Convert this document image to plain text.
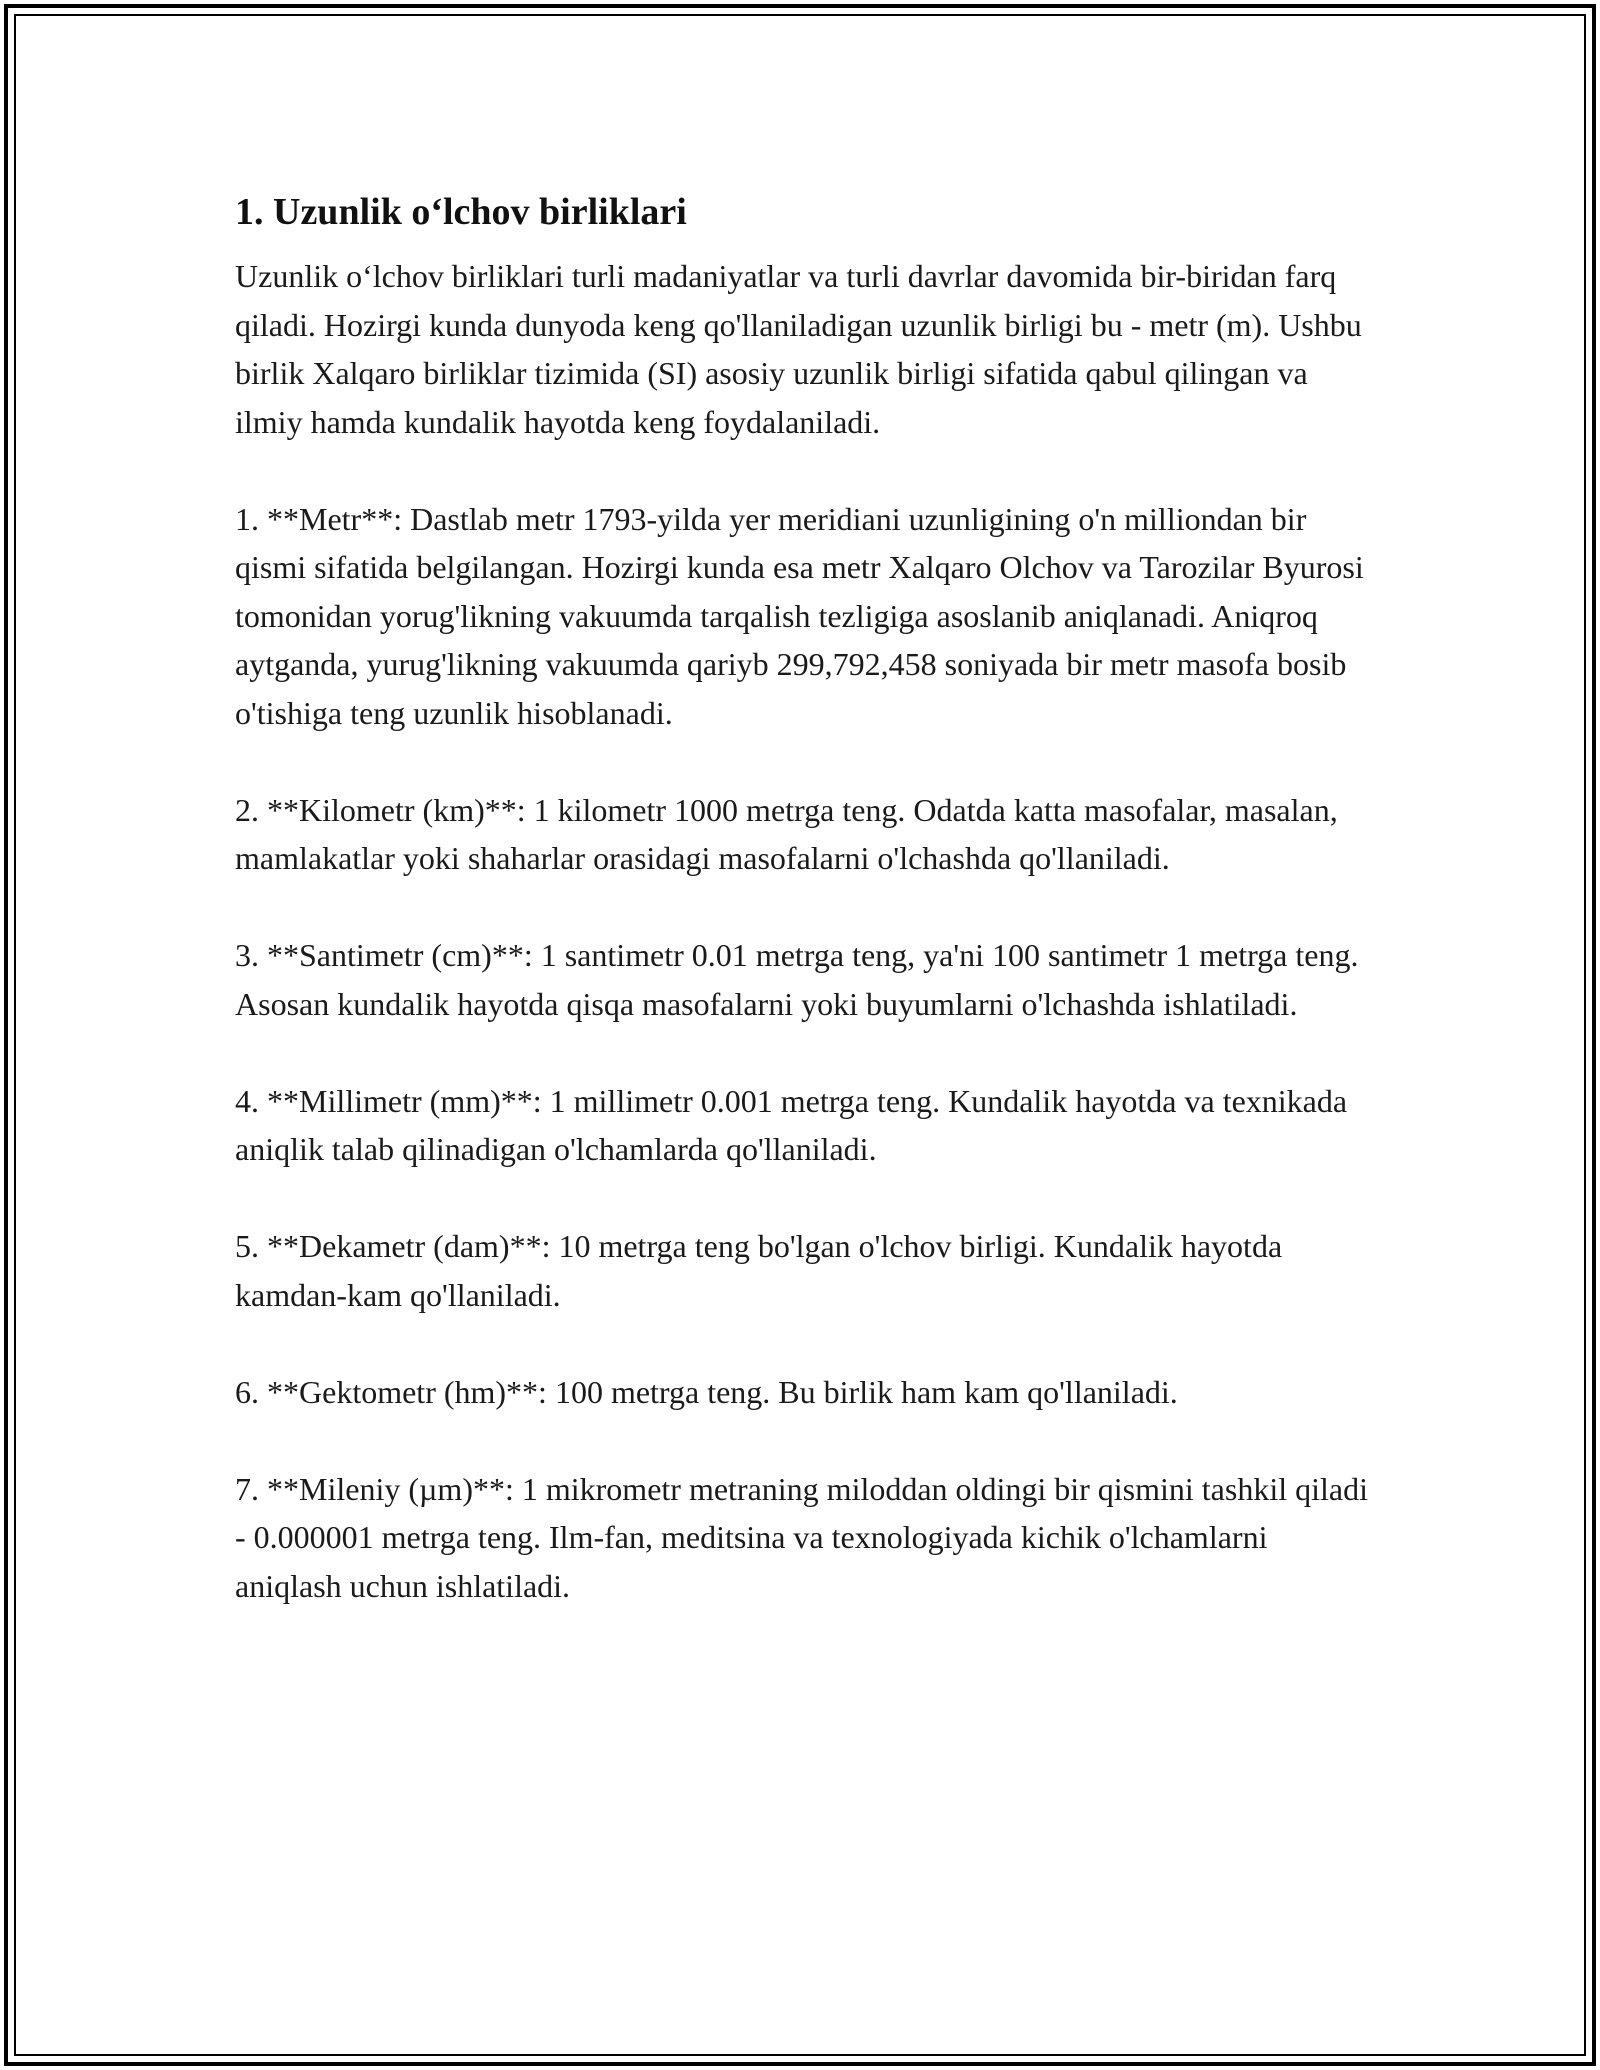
1. Uzunlik o‘lchov birliklari

Uzunlik o‘lchov birliklari turli madaniyatlar va turli davrlar davomida bir-biridan farq qiladi. Hozirgi kunda dunyoda keng qo'llaniladigan uzunlik birligi bu - metr (m). Ushbu birlik Xalqaro birliklar tizimida (SI) asosiy uzunlik birligi sifatida qabul qilingan va ilmiy hamda kundalik hayotda keng foydalaniladi.

1. **Metr**: Dastlab metr 1793-yilda yer meridiani uzunligining o'n milliondan bir qismi sifatida belgilangan. Hozirgi kunda esa metr Xalqaro Olchov va Tarozilar Byurosi tomonidan yorug'likning vakuumda tarqalish tezligiga asoslanib aniqlanadi. Aniqroq aytganda, yurug'likning vakuumda qariyb 299,792,458 soniyada bir metr masofa bosib o'tishiga teng uzunlik hisoblanadi.

2. **Kilometr (km)**: 1 kilometr 1000 metrga teng. Odatda katta masofalar, masalan, mamlakatlar yoki shaharlar orasidagi masofalarni o'lchashda qo'llaniladi.

3. **Santimetr (cm)**: 1 santimetr 0.01 metrga teng, ya'ni 100 santimetr 1 metrga teng. Asosan kundalik hayotda qisqa masofalarni yoki buyumlarni o'lchashda ishlatiladi.

4. **Millimetr (mm)**: 1 millimetr 0.001 metrga teng. Kundalik hayotda va texnikada aniqlik talab qilinadigan o'lchamlarda qo'llaniladi.

5. **Dekametr (dam)**: 10 metrga teng bo'lgan o'lchov birligi. Kundalik hayotda kamdan-kam qo'llaniladi.

6. **Gektometr (hm)**: 100 metrga teng. Bu birlik ham kam qo'llaniladi.

7. **Mileniy (µm)**: 1 mikrometr metraning miloddan oldingi bir qismini tashkil qiladi - 0.000001 metrga teng. Ilm-fan, meditsina va texnologiyada kichik o'lchamlarni aniqlash uchun ishlatiladi.
